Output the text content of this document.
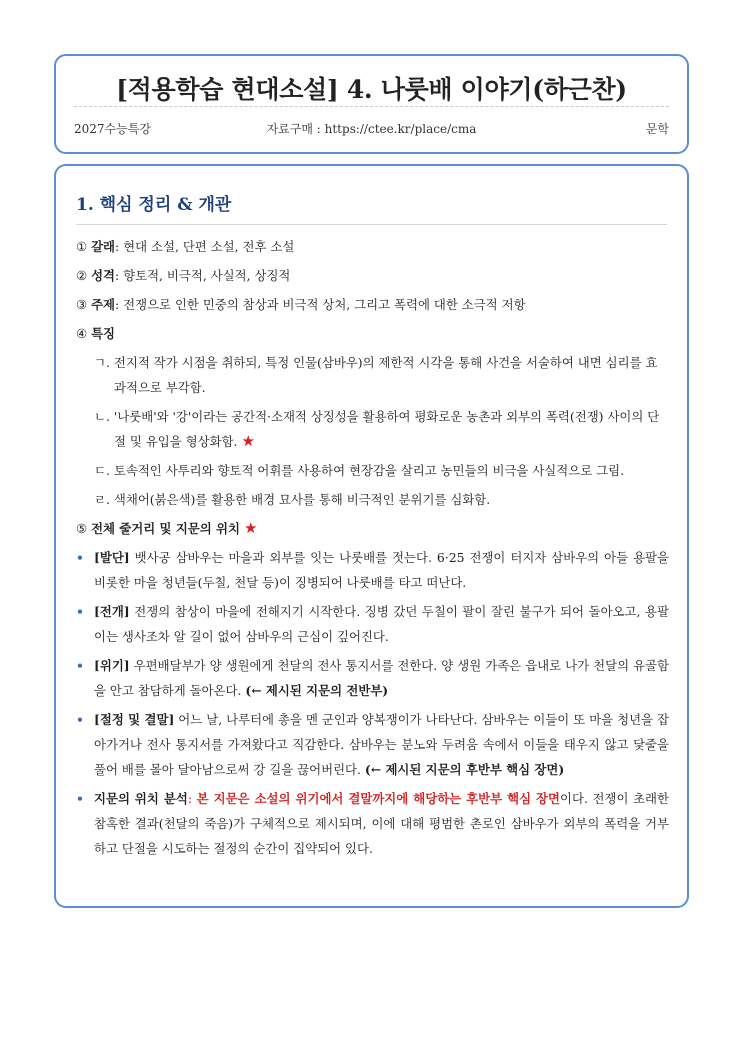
[적용학습 현대소설] 4. 나룻배 이야기(하근찬)
2027수능특강	자료구매 : https://ctee.kr/place/cma	문학
1. 핵심 정리 & 개관
① 갈래: 현대 소설, 단편 소설, 전후 소설
② 성격: 향토적, 비극적, 사실적, 상징적
③ 주제: 전쟁으로 인한 민중의 참상과 비극적 상처, 그리고 폭력에 대한 소극적 저항
④ 특징
ㄱ. 전지적 작가 시점을 취하되, 특정 인물(삼바우)의 제한적 시각을 통해 사건을 서술하여 내면 심리를 효과적으로 부각함.
ㄴ. '나룻배'와 '강'이라는 공간적·소재적 상징성을 활용하여 평화로운 농촌과 외부의 폭력(전쟁) 사이의 단절 및 유입을 형상화함. ★
ㄷ. 토속적인 사투리와 향토적 어휘를 사용하여 현장감을 살리고 농민들의 비극을 사실적으로 그림.
ㄹ. 색채어(붉은색)를 활용한 배경 묘사를 통해 비극적인 분위기를 심화함.
⑤ 전체 줄거리 및 지문의 위치 ★
• [발단] 뱃사공 삼바우는 마을과 외부를 잇는 나룻배를 젓는다. 6·25 전쟁이 터지자 삼바우의 아들 용팔을 비롯한 마을 청년들(두칠, 천달 등)이 징병되어 나룻배를 타고 떠난다.
• [전개] 전쟁의 참상이 마을에 전해지기 시작한다. 징병 갔던 두칠이 팔이 잘린 불구가 되어 돌아오고, 용팔이는 생사조차 알 길이 없어 삼바우의 근심이 깊어진다.
• [위기] 우편배달부가 양 생원에게 천달의 전사 통지서를 전한다. 양 생원 가족은 읍내로 나가 천달의 유골함을 안고 참담하게 돌아온다. (← 제시된 지문의 전반부)
• [절정 및 결말] 어느 날, 나루터에 총을 멘 군인과 양복쟁이가 나타난다. 삼바우는 이들이 또 마을 청년을 잡아가거나 전사 통지서를 가져왔다고 직감한다. 삼바우는 분노와 두려움 속에서 이들을 태우지 않고 닻줄을 풀어 배를 몰아 달아남으로써 강 길을 끊어버린다. (← 제시된 지문의 후반부 핵심 장면)
• 지문의 위치 분석: 본 지문은 소설의 위기에서 결말까지에 해당하는 후반부 핵심 장면이다. 전쟁이 초래한 참혹한 결과(천달의 죽음)가 구체적으로 제시되며, 이에 대해 평범한 촌로인 삼바우가 외부의 폭력을 거부하고 단절을 시도하는 절정의 순간이 집약되어 있다.
